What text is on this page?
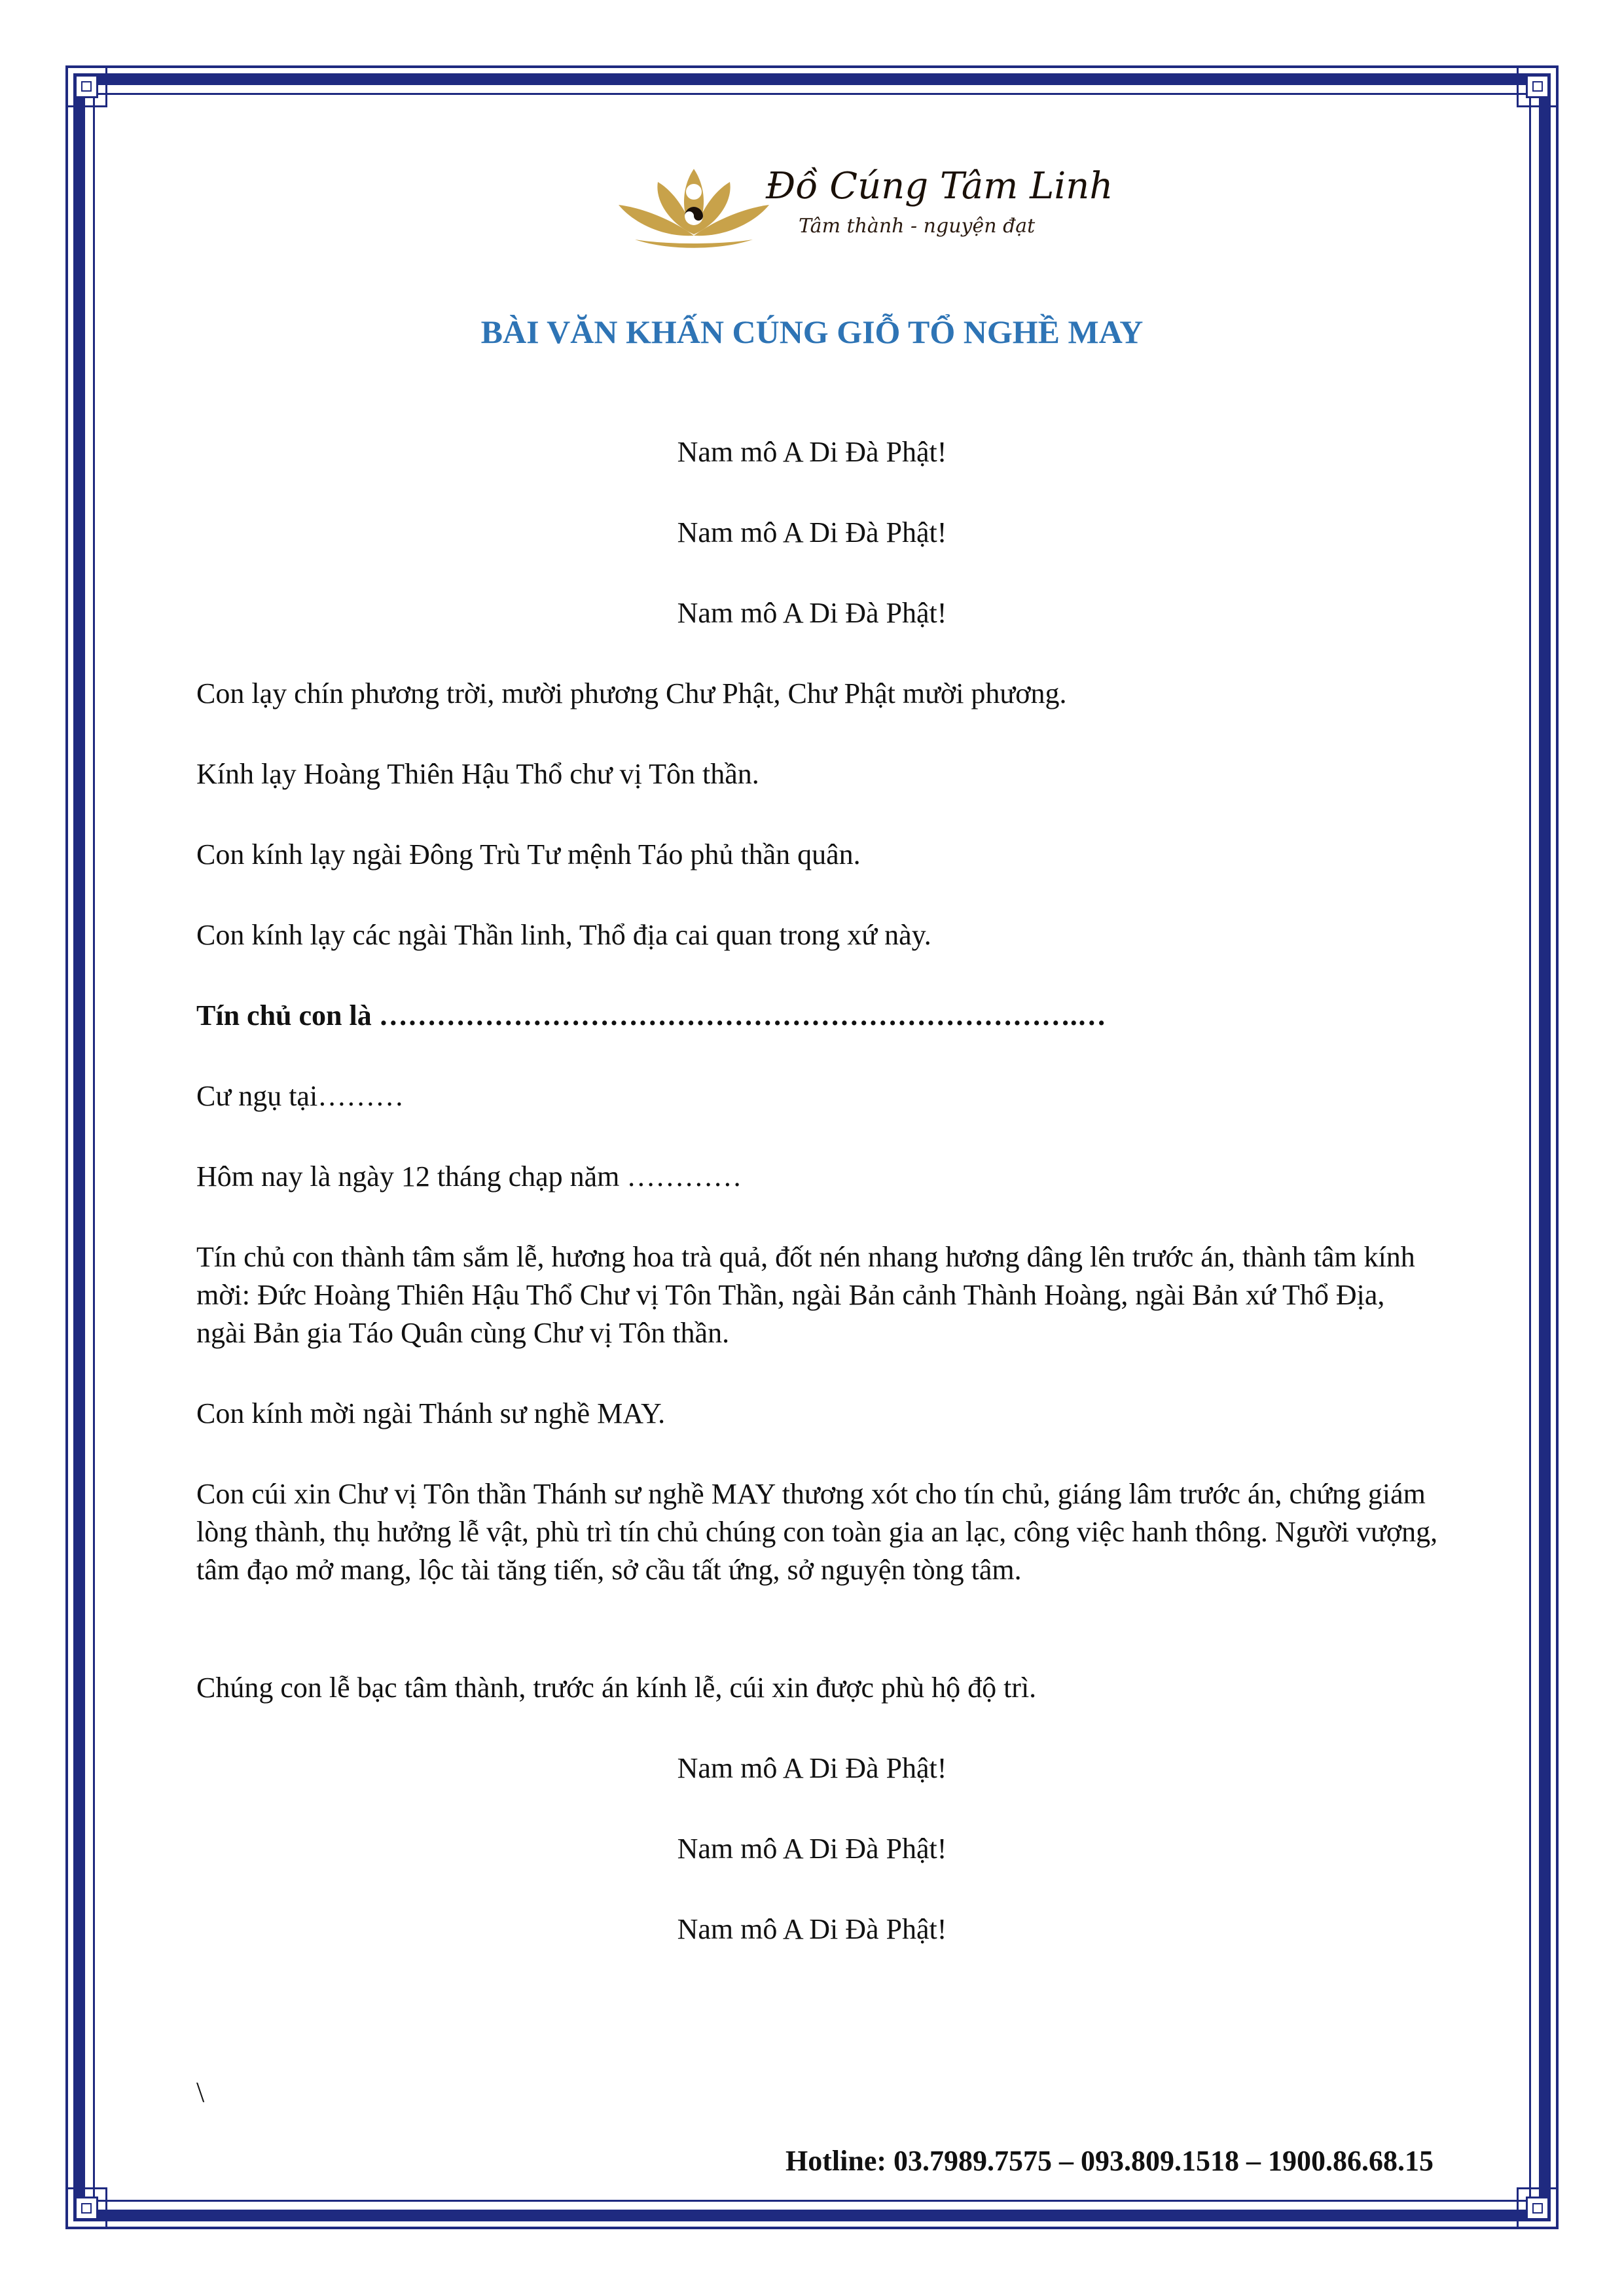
Đồ Cúng Tâm Linh
Tâm thành - nguyện đạt
BÀI VĂN KHẤN CÚNG GIỖ TỔ NGHỀ MAY
Nam mô A Di Đà Phật!
Nam mô A Di Đà Phật!
Nam mô A Di Đà Phật!
Con lạy chín phương trời, mười phương Chư Phật, Chư Phật mười phương.
Kính lạy Hoàng Thiên Hậu Thổ chư vị Tôn thần.
Con kính lạy ngài Đông Trù Tư mệnh Táo phủ thần quân.
Con kính lạy các ngài Thần linh, Thổ địa cai quan trong xứ này.
Tín chủ con là ……………………………………………………………….…
Cư ngụ tại………
Hôm nay là ngày 12 tháng chạp năm …………
Tín chủ con thành tâm sắm lễ, hương hoa trà quả, đốt nén nhang hương dâng lên trước án, thành tâm kính mời: Đức Hoàng Thiên Hậu Thổ Chư vị Tôn Thần, ngài Bản cảnh Thành Hoàng, ngài Bản xứ Thổ Địa, ngài Bản gia Táo Quân cùng Chư vị Tôn thần.
Con kính mời ngài Thánh sư nghề MAY.
Con cúi xin Chư vị Tôn thần Thánh sư nghề MAY thương xót cho tín chủ, giáng lâm trước án, chứng giám lòng thành, thụ hưởng lễ vật, phù trì tín chủ chúng con toàn gia an lạc, công việc hanh thông. Người vượng, tâm đạo mở mang, lộc tài tăng tiến, sở cầu tất ứng, sở nguyện tòng tâm.
Chúng con lễ bạc tâm thành, trước án kính lễ, cúi xin được phù hộ độ trì.
Nam mô A Di Đà Phật!
Nam mô A Di Đà Phật!
Nam mô A Di Đà Phật!
\
Hotline: 03.7989.7575 – 093.809.1518 – 1900.86.68.15
